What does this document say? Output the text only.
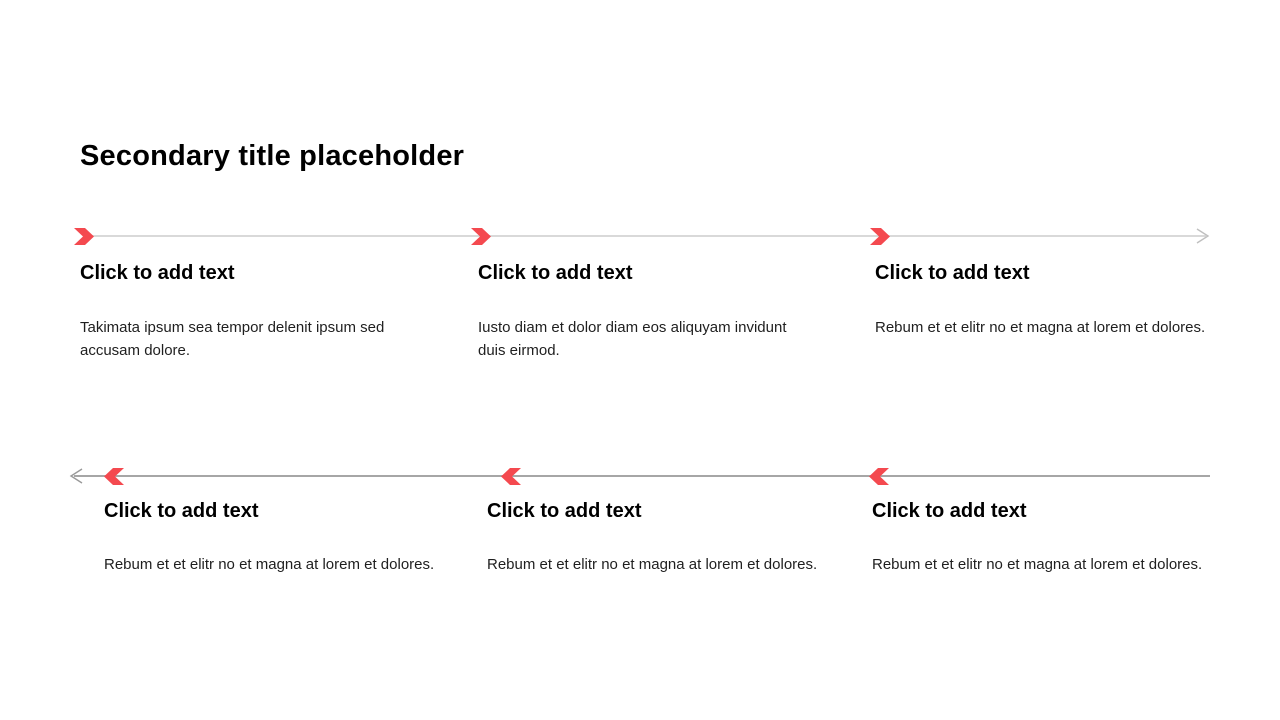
Secondary title placeholder
Click to add text

Takimata ipsum sea tempor delenit ipsum sed accusam dolore.

Click to add text

Iusto diam et dolor diam eos aliquyam invidunt duis eirmod.

Click to add text

Rebum et et elitr no et magna at lorem et dolores.

Click to add text

Rebum et et elitr no et magna at lorem et dolores.

Click to add text

Rebum et et elitr no et magna at lorem et dolores.

Click to add text

Rebum et et elitr no et magna at lorem et dolores.
